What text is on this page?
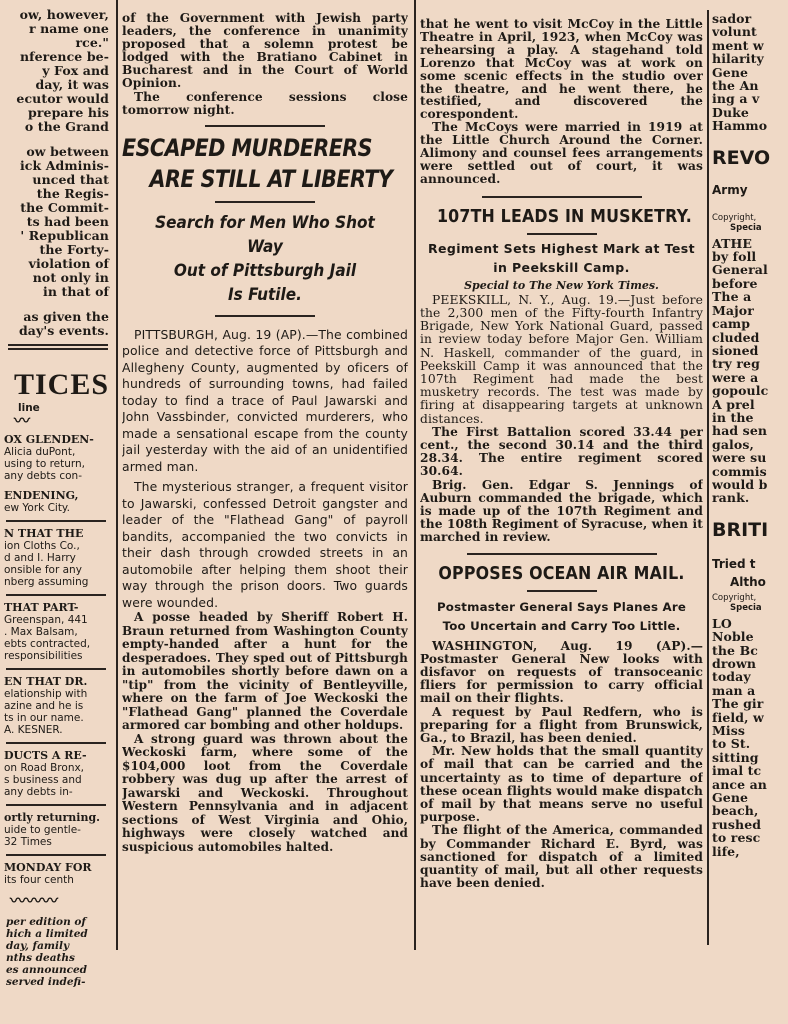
ow, however,
r name one
rce."
nference be-
y Fox and
day, it was
ecutor would
prepare his
o the Grand
ow between
ick Adminis-
unced that
the Regis-
the Commit-
ts had been
' Republican
the Forty-
violation of
not only in
in that of
as given the
day's events.
TICES
line
〰
OX GLENDEN-
Alicia duPont,
using to return,
any debts con-
ENDENING,
ew York City.
N THAT THE
ion Cloths Co.,
d and I. Harry
onsible for any
nberg assuming
THAT PART-
Greenspan, 441
. Max Balsam,
ebts contracted,
responsibilities
EN THAT DR.
elationship with
azine and he is
ts in our name.
A. KESNER.
DUCTS A RE-
on Road Bronx,
s business and
any debts in-
ortly returning.
uide to gentle-
32 Times
MONDAY FOR
its four centh
〰〰〰
per edition of
hich a limited
day, family
nths deaths
es announced
served indefi-

of the Government with Jewish party leaders, the conference in unanimity proposed that a solemn protest be lodged with the Bratiano Cabinet in Bucharest and in the Court of World Opinion.

The conference sessions close tomorrow night.

ESCAPED MURDERERS
ARE STILL AT LIBERTY
Search for Men Who Shot Way
Out of Pittsburgh Jail
Is Futile.

PITTSBURGH, Aug. 19 (AP).—The combined police and detective force of Pittsburgh and Allegheny County, augmented by oficers of hundreds of surrounding towns, had failed today to find a trace of Paul Jawarski and John Vassbinder, convicted murderers, who made a sensational escape from the county jail yesterday with the aid of an unidentified armed man.

The mysterious stranger, a frequent visitor to Jawarski, confessed Detroit gangster and leader of the "Flathead Gang" of payroll bandits, accompanied the two convicts in their dash through crowded streets in an automobile after helping them shoot their way through the prison doors. Two guards were wounded.

A posse headed by Sheriff Robert H. Braun returned from Washington County empty-handed after a hunt for the desperadoes. They sped out of Pittsburgh in automobiles shortly before dawn on a "tip" from the vicinity of Bentleyville, where on the farm of Joe Weckoski the "Flathead Gang" planned the Coverdale armored car bombing and other holdups.

A strong guard was thrown about the Weckoski farm, where some of the $104,000 loot from the Coverdale robbery was dug up after the arrest of Jawarski and Weckoski. Throughout Western Pennsylvania and in adjacent sections of West Virginia and Ohio, highways were closely watched and suspicious automobiles halted.

that he went to visit McCoy in the Little Theatre in April, 1923, when McCoy was rehearsing a play. A stagehand told Lorenzo that McCoy was at work on some scenic effects in the studio over the theatre, and he went there, he testified, and discovered the corespondent.

The McCoys were married in 1919 at the Little Church Around the Corner. Alimony and counsel fees arrangements were settled out of court, it was announced.

107TH LEADS IN MUSKETRY.
Regiment Sets Highest Mark at Test
in Peekskill Camp.
Special to The New York Times.

PEEKSKILL, N. Y., Aug. 19.—Just before the 2,300 men of the Fifty-fourth Infantry Brigade, New York National Guard, passed in review today before Major Gen. William N. Haskell, commander of the guard, in Peekskill Camp it was announced that the 107th Regiment had made the best musketry records. The test was made by firing at disappearing targets at unknown distances.

The First Battalion scored 33.44 per cent., the second 30.14 and the third 28.34. The entire regiment scored 30.64.

Brig. Gen. Edgar S. Jennings of Auburn commanded the brigade, which is made up of the 107th Regiment and the 108th Regiment of Syracuse, when it marched in review.

OPPOSES OCEAN AIR MAIL.
Postmaster General Says Planes Are
Too Uncertain and Carry Too Little.

WASHINGTON, Aug. 19 (AP).—Postmaster General New looks with disfavor on requests of transoceanic fliers for permission to carry official mail on their flights.

A request by Paul Redfern, who is preparing for a flight from Brunswick, Ga., to Brazil, has been denied.

Mr. New holds that the small quantity of mail that can be carried and the uncertainty as to time of departure of these ocean flights would make dispatch of mail by that means serve no useful purpose.

The flight of the America, commanded by Commander Richard E. Byrd, was sanctioned for dispatch of a limited quantity of mail, but all other requests have been denied.

sador
volunt
ment w
hilarity
Gene
the An
ing a v
Duke
Hammo
REVO
Army
Copyright,
Specia
ATHE
by foll
General
before
The a
Major
camp
cluded
sioned
try reg
were a
gopoulc
A prel
in the
had sen
galos,
were su
commis
would b
rank.
BRITI
Tried t
Altho
Copyright,
Specia
LO
Noble
the Bc
drown
today
man a
The gir
field, w
Miss
to St.
sitting
imal tc
ance an
Gene
beach,
rushed
to resc
life,
